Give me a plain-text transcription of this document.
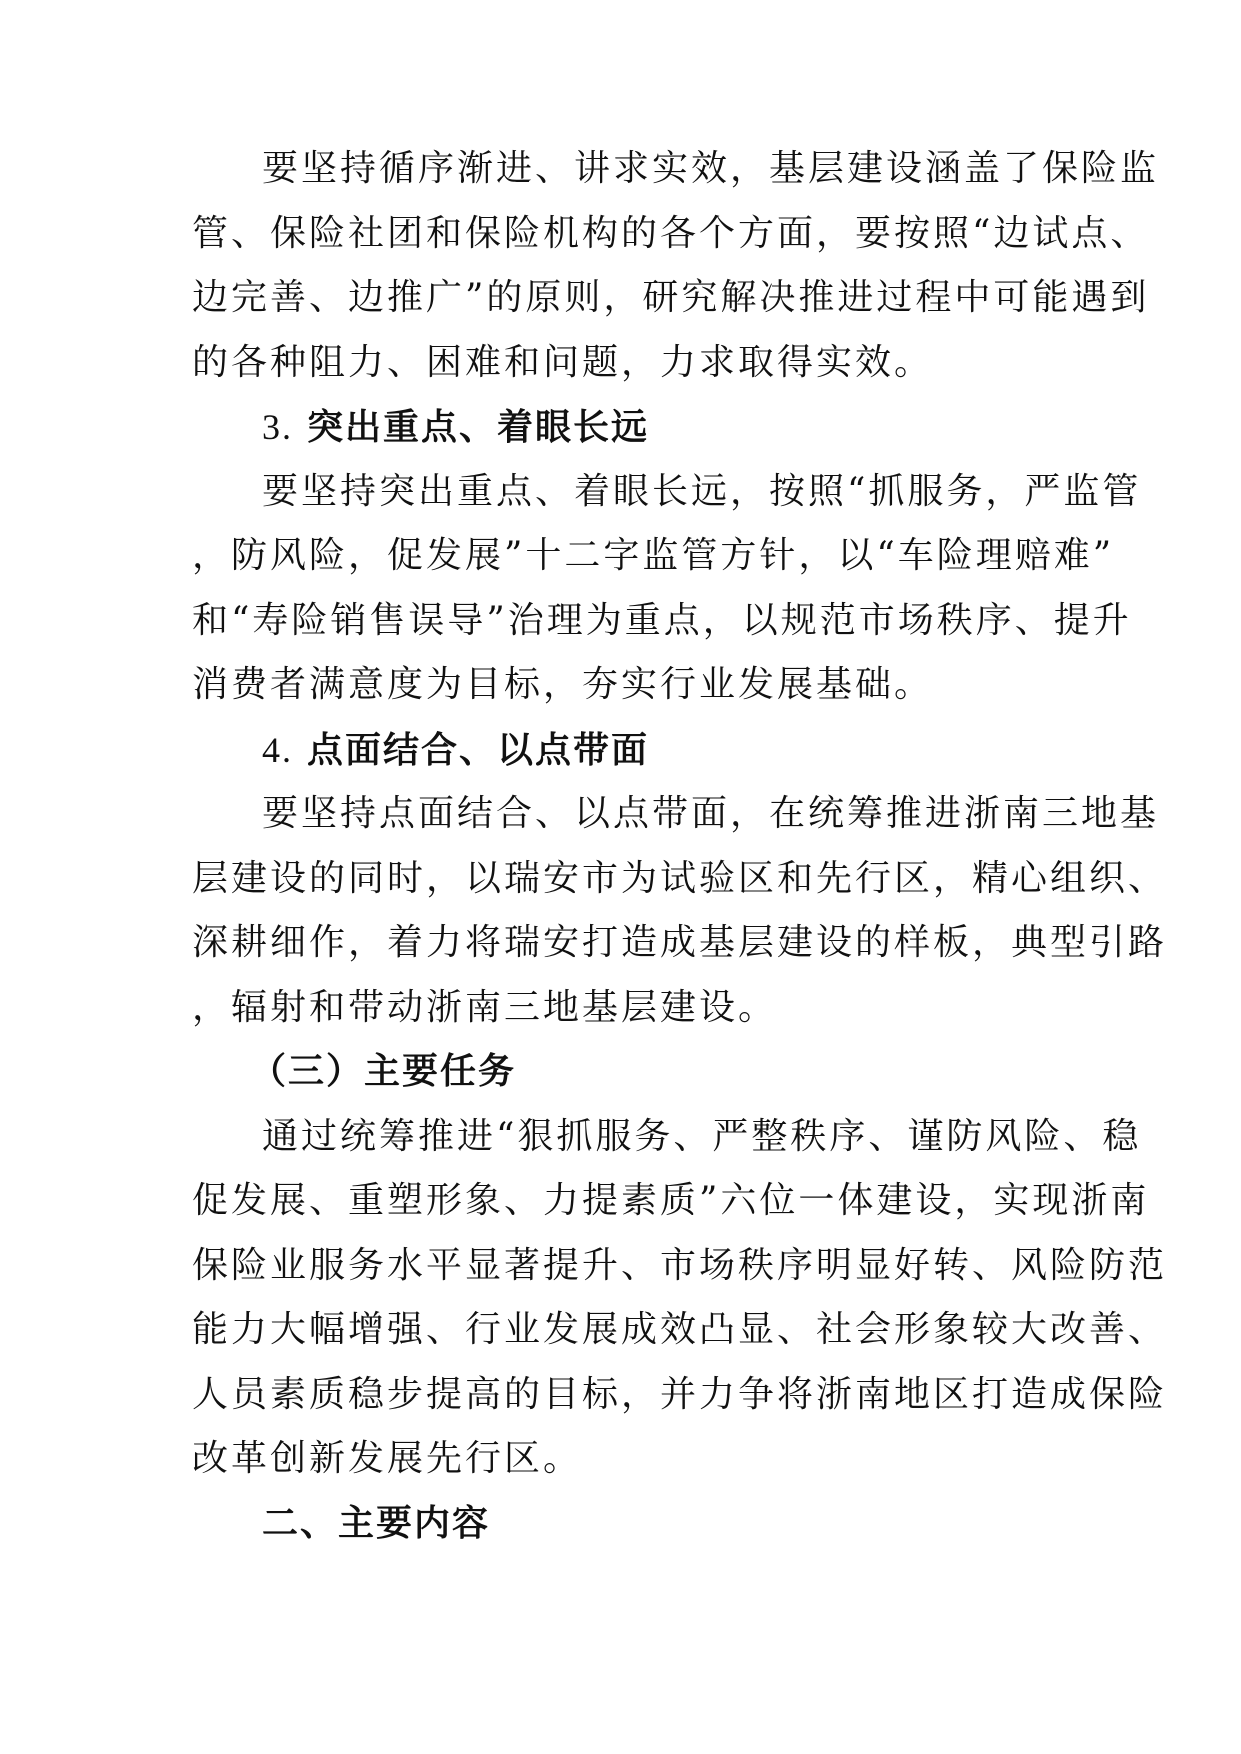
要坚持循序渐进、讲求实效，基层建设涵盖了保险监
管、保险社团和保险机构的各个方面，要按照“边试点、
边完善、边推广”的原则，研究解决推进过程中可能遇到
的各种阻力、困难和问题，力求取得实效。
3. 突出重点、着眼长远
要坚持突出重点、着眼长远，按照“抓服务，严监管
，防风险，促发展”十二字监管方针，以“车险理赔难”
和“寿险销售误导”治理为重点，以规范市场秩序、提升
消费者满意度为目标，夯实行业发展基础。
4. 点面结合、以点带面
要坚持点面结合、以点带面，在统筹推进浙南三地基
层建设的同时，以瑞安市为试验区和先行区，精心组织、
深耕细作，着力将瑞安打造成基层建设的样板，典型引路
，辐射和带动浙南三地基层建设。
（三）主要任务
通过统筹推进“狠抓服务、严整秩序、谨防风险、稳
促发展、重塑形象、力提素质”六位一体建设，实现浙南
保险业服务水平显著提升、市场秩序明显好转、风险防范
能力大幅增强、行业发展成效凸显、社会形象较大改善、
人员素质稳步提高的目标，并力争将浙南地区打造成保险
改革创新发展先行区。
二、主要内容
